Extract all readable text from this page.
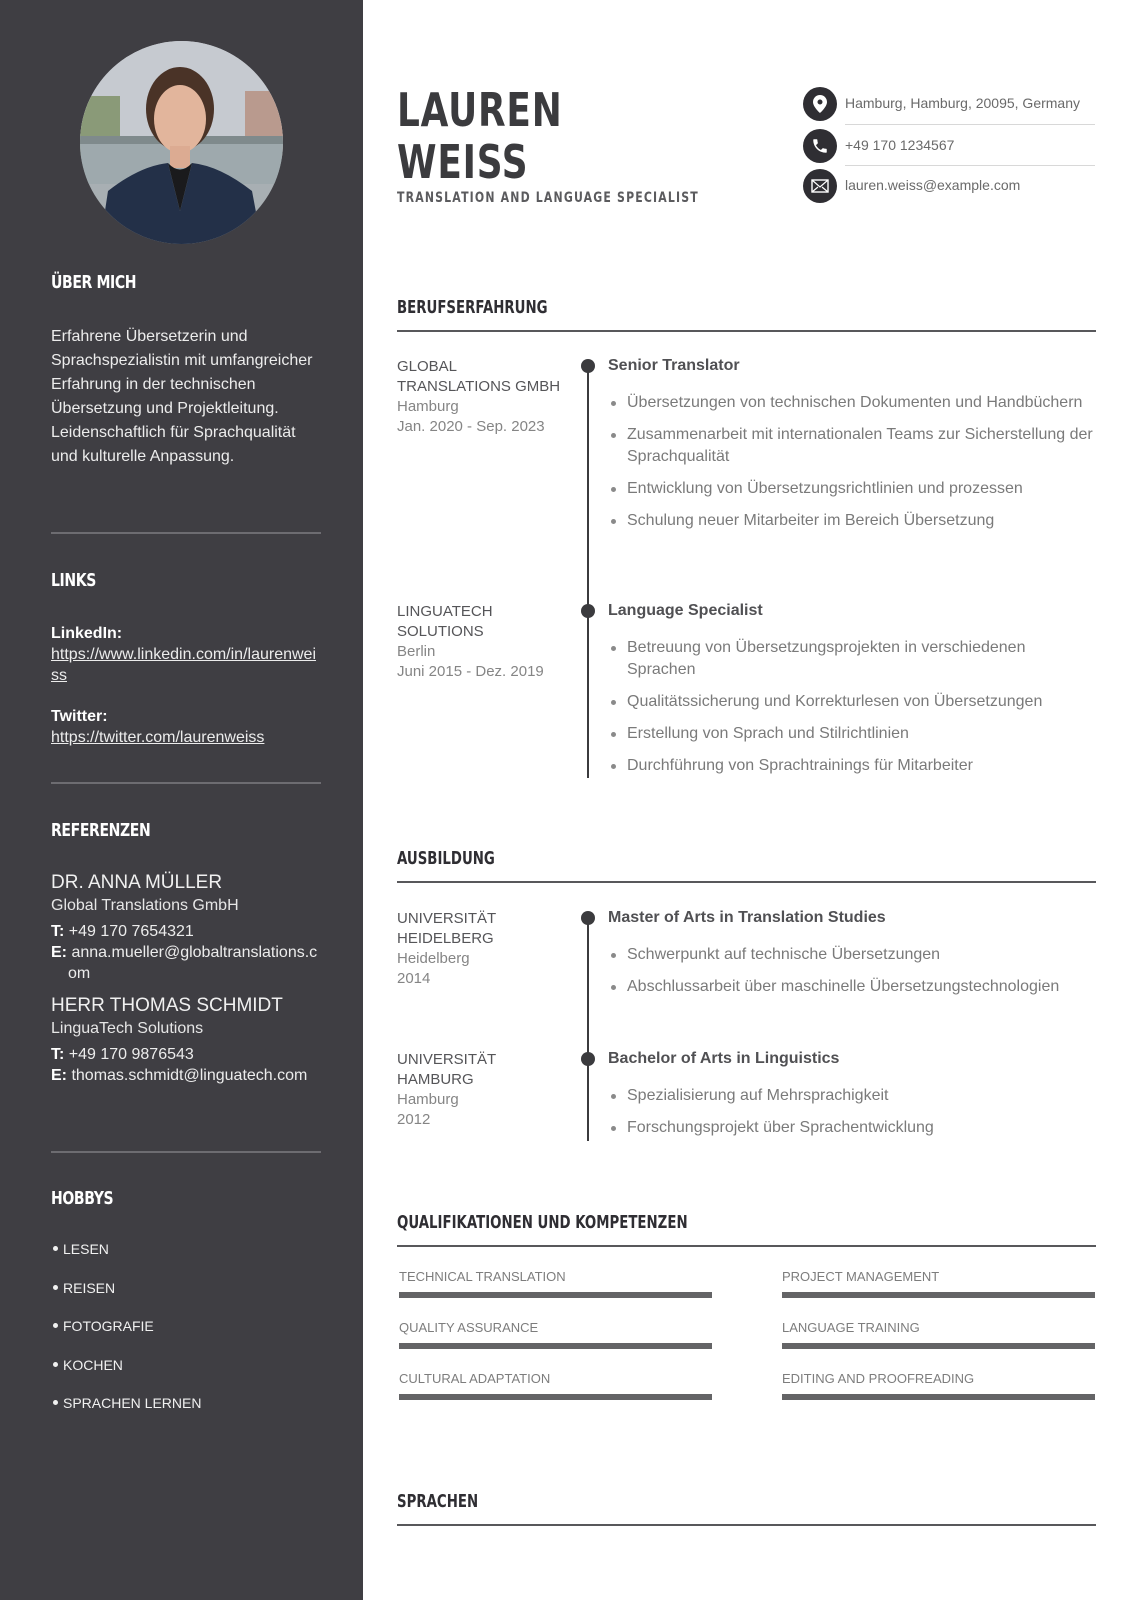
ÜBER MICH

Erfahrene Übersetzerin und Sprachspezialistin mit umfangreicher Erfahrung in der technischen Übersetzung und Projektleitung. Leidenschaftlich für Sprachqualität und kulturelle Anpassung.

LINKS
LinkedIn:
https://www.linkedin.com/in/laurenweiss
Twitter:
https://twitter.com/laurenweiss
REFERENZEN
DR. ANNA MÜLLER
Global Translations GmbH
T: +49 170 7654321
E: anna.mueller@globaltranslations.com
HERR THOMAS SCHMIDT
LinguaTech Solutions
T: +49 170 9876543
E: thomas.schmidt@linguatech.com
HOBBYS
LESEN
REISEN
FOTOGRAFIE
KOCHEN
SPRACHEN LERNEN
LAUREN
WEISS
TRANSLATION AND LANGUAGE SPECIALIST
Hamburg, Hamburg, 20095, Germany
+49 170 1234567
lauren.weiss@example.com
BERUFSERFAHRUNG
GLOBAL TRANSLATIONS GMBH
Hamburg
Jan. 2020 - Sep. 2023
Senior Translator
Übersetzungen von technischen Dokumenten und Handbüchern
Zusammenarbeit mit internationalen Teams zur Sicherstellung der Sprachqualität
Entwicklung von Übersetzungsrichtlinien und prozessen
Schulung neuer Mitarbeiter im Bereich Übersetzung
LINGUATECH SOLUTIONS
Berlin
Juni 2015 - Dez. 2019
Language Specialist
Betreuung von Übersetzungsprojekten in verschiedenen Sprachen
Qualitätssicherung und Korrekturlesen von Übersetzungen
Erstellung von Sprach und Stilrichtlinien
Durchführung von Sprachtrainings für Mitarbeiter
AUSBILDUNG
UNIVERSITÄT HEIDELBERG
Heidelberg
2014
Master of Arts in Translation Studies
Schwerpunkt auf technische Übersetzungen
Abschlussarbeit über maschinelle Übersetzungstechnologien
UNIVERSITÄT HAMBURG
Hamburg
2012
Bachelor of Arts in Linguistics
Spezialisierung auf Mehrsprachigkeit
Forschungsprojekt über Sprachentwicklung
QUALIFIKATIONEN UND KOMPETENZEN
TECHNICAL TRANSLATION	PROJECT MANAGEMENT
QUALITY ASSURANCE	LANGUAGE TRAINING
CULTURAL ADAPTATION	EDITING AND PROOFREADING
SPRACHEN
